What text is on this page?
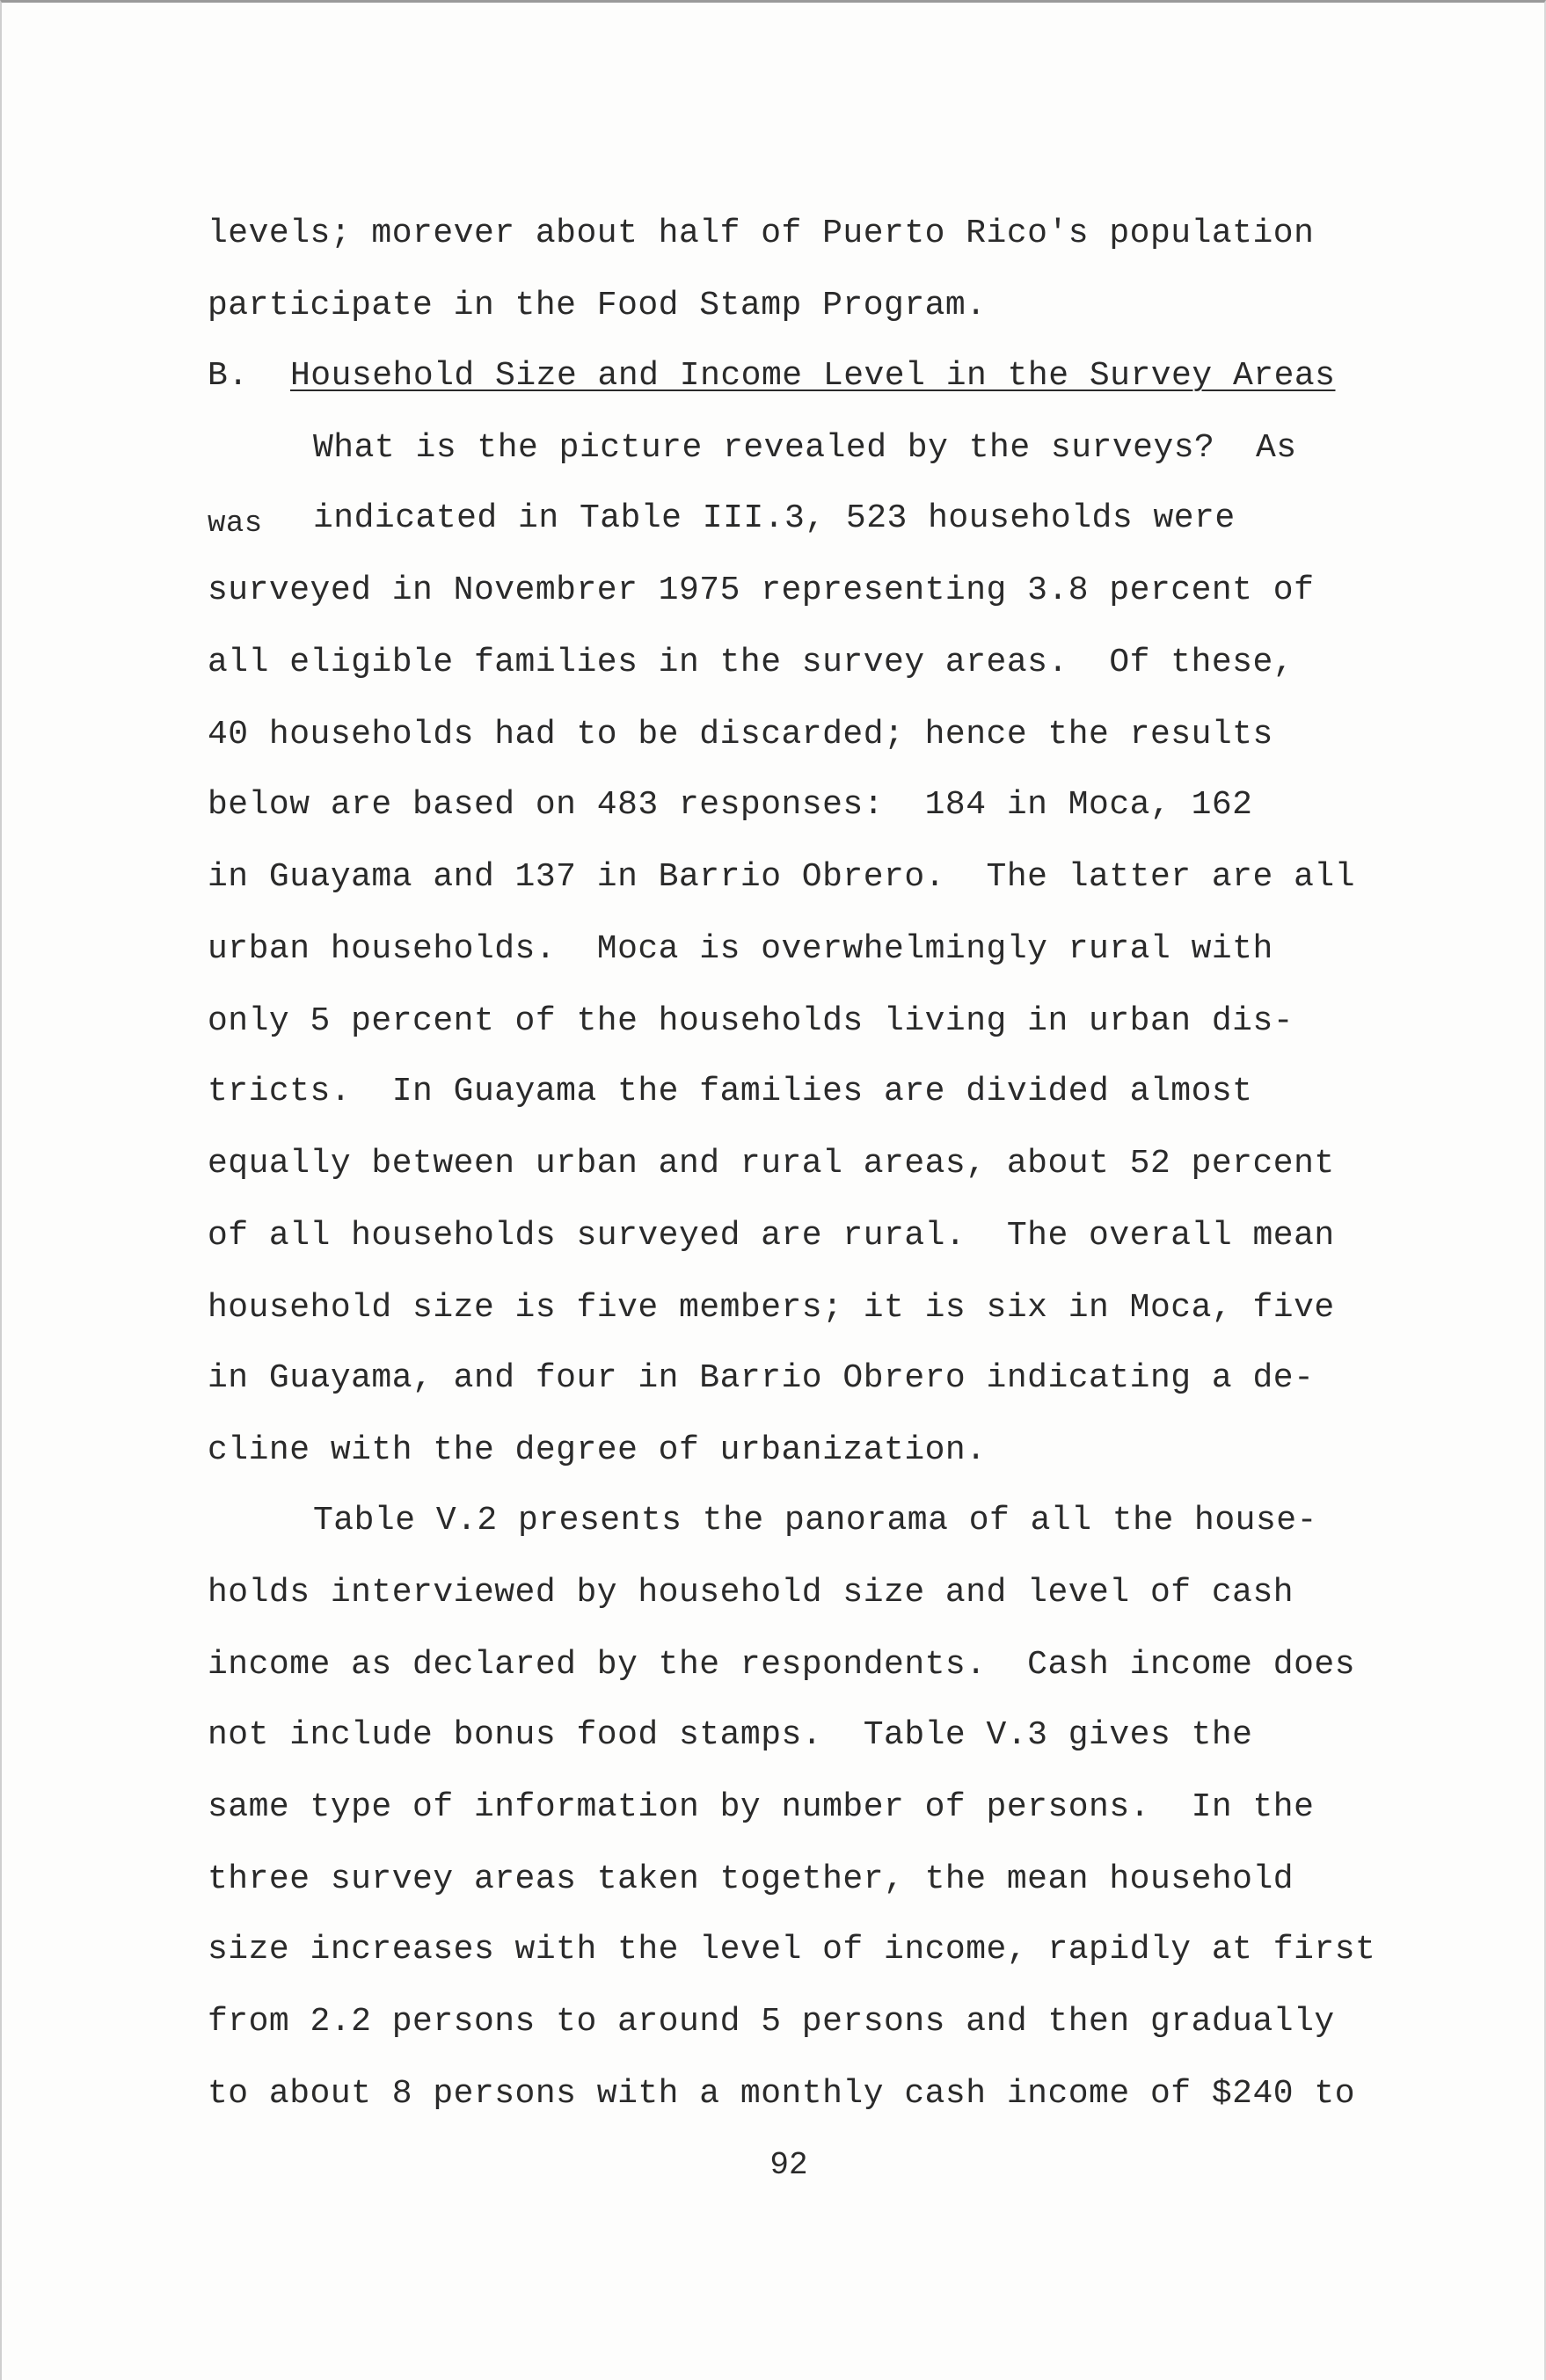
levels; morever about half of Puerto Rico's population
participate in the Food Stamp Program.
B. Household Size and Income Level in the Survey Areas
What is the picture revealed by the surveys?  As
was indicated in Table III.3, 523 households were
surveyed in Novembrer 1975 representing 3.8 percent of
all eligible families in the survey areas.  Of these,
40 households had to be discarded; hence the results
below are based on 483 responses:  184 in Moca, 162
in Guayama and 137 in Barrio Obrero.  The latter are all
urban households.  Moca is overwhelmingly rural with
only 5 percent of the households living in urban dis-
tricts.  In Guayama the families are divided almost
equally between urban and rural areas, about 52 percent
of all households surveyed are rural.  The overall mean
household size is five members; it is six in Moca, five
in Guayama, and four in Barrio Obrero indicating a de-
cline with the degree of urbanization.
Table V.2 presents the panorama of all the house-
holds interviewed by household size and level of cash
income as declared by the respondents.  Cash income does
not include bonus food stamps.  Table V.3 gives the
same type of information by number of persons.  In the
three survey areas taken together, the mean household
size increases with the level of income, rapidly at first
from 2.2 persons to around 5 persons and then gradually
to about 8 persons with a monthly cash income of $240 to
92
